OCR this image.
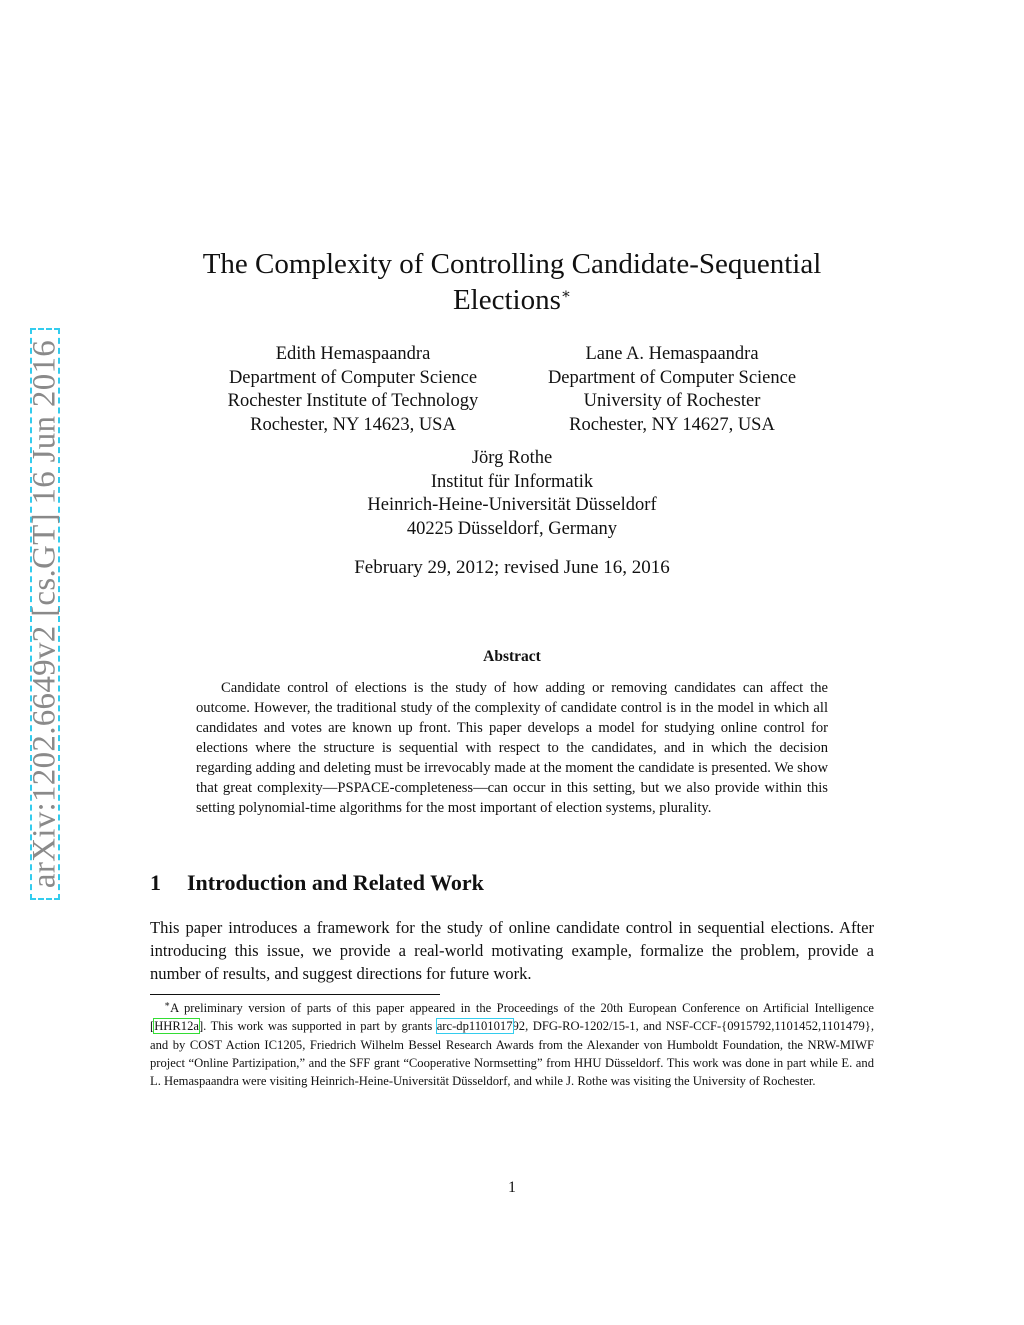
arXiv:1202.6649v2 [cs.GT] 16 Jun 2016
The Complexity of Controlling Candidate-Sequential
Elections∗
Edith Hemaspaandra
Department of Computer Science
Rochester Institute of Technology
Rochester, NY 14623, USA
Lane A. Hemaspaandra
Department of Computer Science
University of Rochester
Rochester, NY 14627, USA
Jörg Rothe
Institut für Informatik
Heinrich-Heine-Universität Düsseldorf
40225 Düsseldorf, Germany
February 29, 2012; revised June 16, 2016
Abstract

Candidate control of elections is the study of how adding or removing candidates can affect the outcome. However, the traditional study of the complexity of candidate control is in the model in which all candidates and votes are known up front. This paper develops a model for studying online control for elections where the structure is sequential with respect to the candidates, and in which the decision regarding adding and deleting must be irrevocably made at the moment the candidate is presented. We show that great complexity—PSPACE-completeness—can occur in this setting, but we also provide within this setting polynomial-time algorithms for the most important of election systems, plurality.

1 Introduction and Related Work

This paper introduces a framework for the study of online candidate control in sequential elections. After introducing this issue, we provide a real-world motivating example, formalize the problem, provide a number of results, and suggest directions for future work.

∗A preliminary version of parts of this paper appeared in the Proceedings of the 20th European Conference on Artificial Intelligence [HHR12a]. This work was supported in part by grants arc-dp110101792, DFG-RO-1202/15-1, and NSF-CCF-{0915792,1101452,1101479}, and by COST Action IC1205, Friedrich Wilhelm Bessel Research Awards from the Alexander von Humboldt Foundation, the NRW-MIWF project “Online Partizipation,” and the SFF grant “Cooperative Normsetting” from HHU Düsseldorf. This work was done in part while E. and L. Hemaspaandra were visiting Heinrich-Heine-Universität Düsseldorf, and while J. Rothe was visiting the University of Rochester.

1
